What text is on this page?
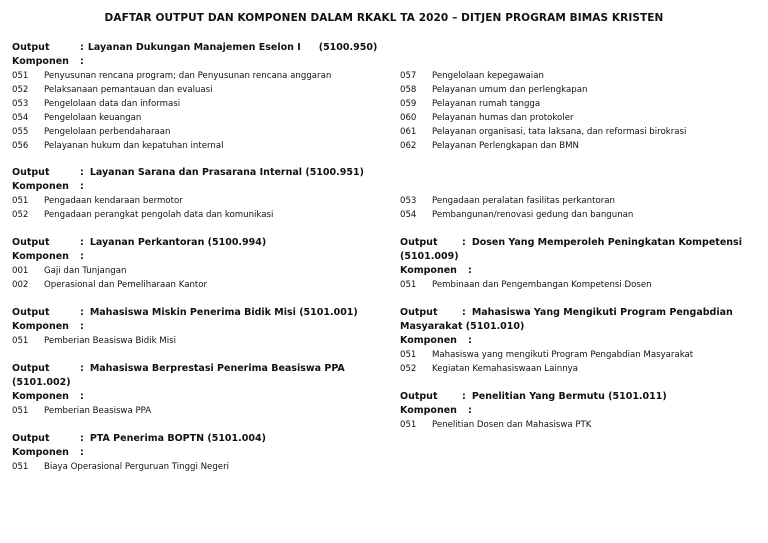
DAFTAR OUTPUT DAN KOMPONEN DALAM RKAKL TA 2020 – DITJEN PROGRAM BIMAS KRISTEN
Output	: Layanan Dukungan Manajemen Eselon I (5100.950)
Komponen :
051 Penyusunan rencana program; dan Penyusunan rencana anggaran
052 Pelaksanaan pemantauan dan evaluasi
053 Pengelolaan data dan informasi
054 Pengelolaan keuangan
055 Pengelolaan perbendaharaan
056 Pelayanan hukum dan kepatuhan internal
057 Pengelolaan kepegawaian
058 Pelayanan umum dan perlengkapan
059 Pelayanan rumah tangga
060 Pelayanan humas dan protokoler
061 Pelayanan organisasi, tata laksana, dan reformasi birokrasi
062 Pelayanan Perlengkapan dan BMN
Output	: Layanan Sarana dan Prasarana Internal (5100.951)
Komponen :
051 Pengadaan kendaraan bermotor
052 Pengadaan perangkat pengolah data dan komunikasi
053 Pengadaan peralatan fasilitas perkantoran
054 Pembangunan/renovasi gedung dan bangunan
Output	: Layanan Perkantoran (5100.994)
Komponen :
001 Gaji dan Tunjangan
002 Operasional dan Pemeliharaan Kantor
Output	: Mahasiswa Miskin Penerima Bidik Misi (5101.001)
Komponen :
051 Pemberian Beasiswa Bidik Misi
Output	: Mahasiswa Berprestasi Penerima Beasiswa PPA
(5101.002)
Komponen :
051 Pemberian Beasiswa PPA
Output	: PTA Penerima BOPTN (5101.004)
Komponen :
051 Biaya Operasional Perguruan Tinggi Negeri
Output	: Dosen Yang Memperoleh Peningkatan Kompetensi
(5101.009)
Komponen :
051 Pembinaan dan Pengembangan Kompetensi Dosen
Output	: Mahasiswa Yang Mengikuti Program Pengabdian
Masyarakat (5101.010)
Komponen :
051 Mahasiswa yang mengikuti Program Pengabdian Masyarakat
052 Kegiatan Kemahasiswaan Lainnya
Output	: Penelitian Yang Bermutu (5101.011)
Komponen :
051 Penelitian Dosen dan Mahasiswa PTK
